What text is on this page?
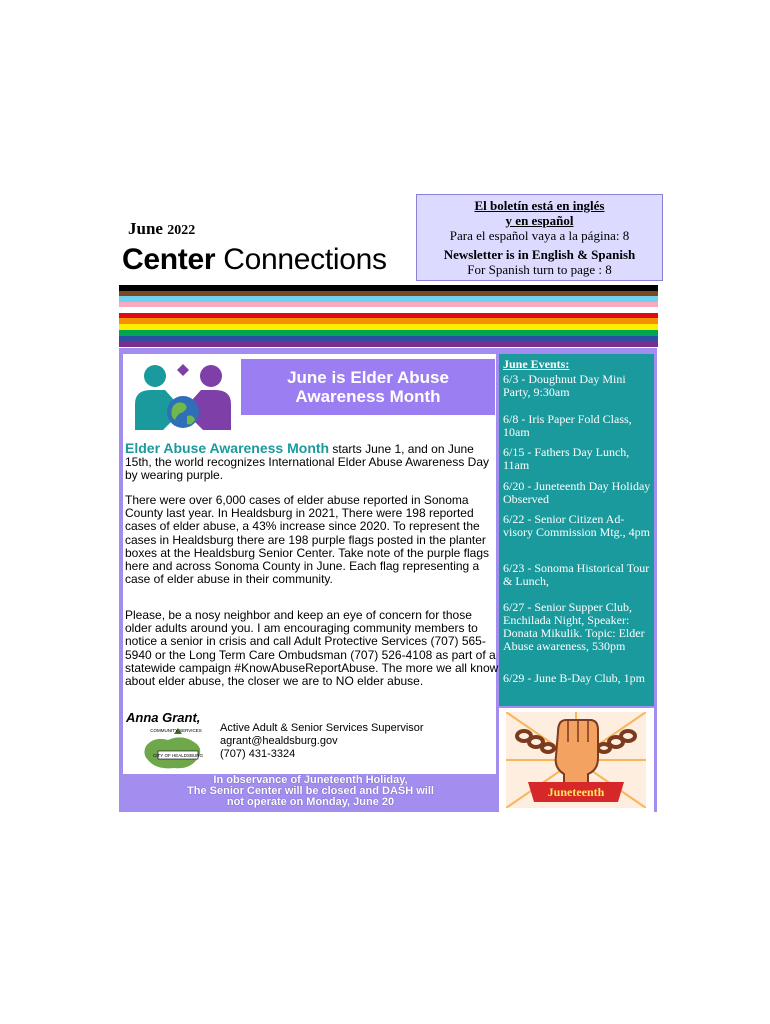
June 2022
Center Connections
El boletín está en inglés
y en español
Para el español vaya a la página: 8
Newsletter is in English & Spanish
For Spanish turn to page : 8
June is Elder Abuse
Awareness Month
Elder Abuse Awareness Month starts June 1, and on June 15th, the world recognizes International Elder Abuse Awareness Day by wearing purple.
There were over 6,000 cases of elder abuse reported in Sonoma County last year. In Healdsburg in 2021, There were 198 reported cases of elder abuse, a 43% increase since 2020. To represent the cases in Healdsburg there are 198 purple flags posted in the planter boxes at the Healdsburg Senior Center. Take note of the purple flags here and across Sonoma County in June. Each flag representing a case of elder abuse in their community.
Please, be a nosy neighbor and keep an eye of concern for those older adults around you. I am encouraging community members to notice a senior in crisis and call Adult Protective Services (707) 565-5940 or the Long Term Care Ombudsman (707) 526-4108 as part of a statewide campaign #KnowAbuseReportAbuse. The more we all know about elder abuse, the closer we are to NO elder abuse.
Anna Grant,
CITY OF HEALDSBURG
COMMUNITY SERVICES Active Adult & Senior Services Supervisor
agrant@healdsburg.gov
(707) 431-3324
In observance of Juneteenth Holiday,
The Senior Center will be closed and DASH will
not operate on Monday, June 20
June Events:
6/3 - Doughnut Day Mini Party, 9:30am
6/8 - Iris Paper Fold Class, 10am
6/15 - Fathers Day Lunch, 11am
6/20 - Juneteenth Day Holiday Observed
6/22 - Senior Citizen Ad-visory Commission Mtg., 4pm
6/23 - Sonoma Historical Tour & Lunch,
6/27 - Senior Supper Club, Enchilada Night, Speaker: Donata Mikulik. Topic: Elder Abuse awareness, 530pm
6/29 - June B-Day Club, 1pm
Juneteenth
